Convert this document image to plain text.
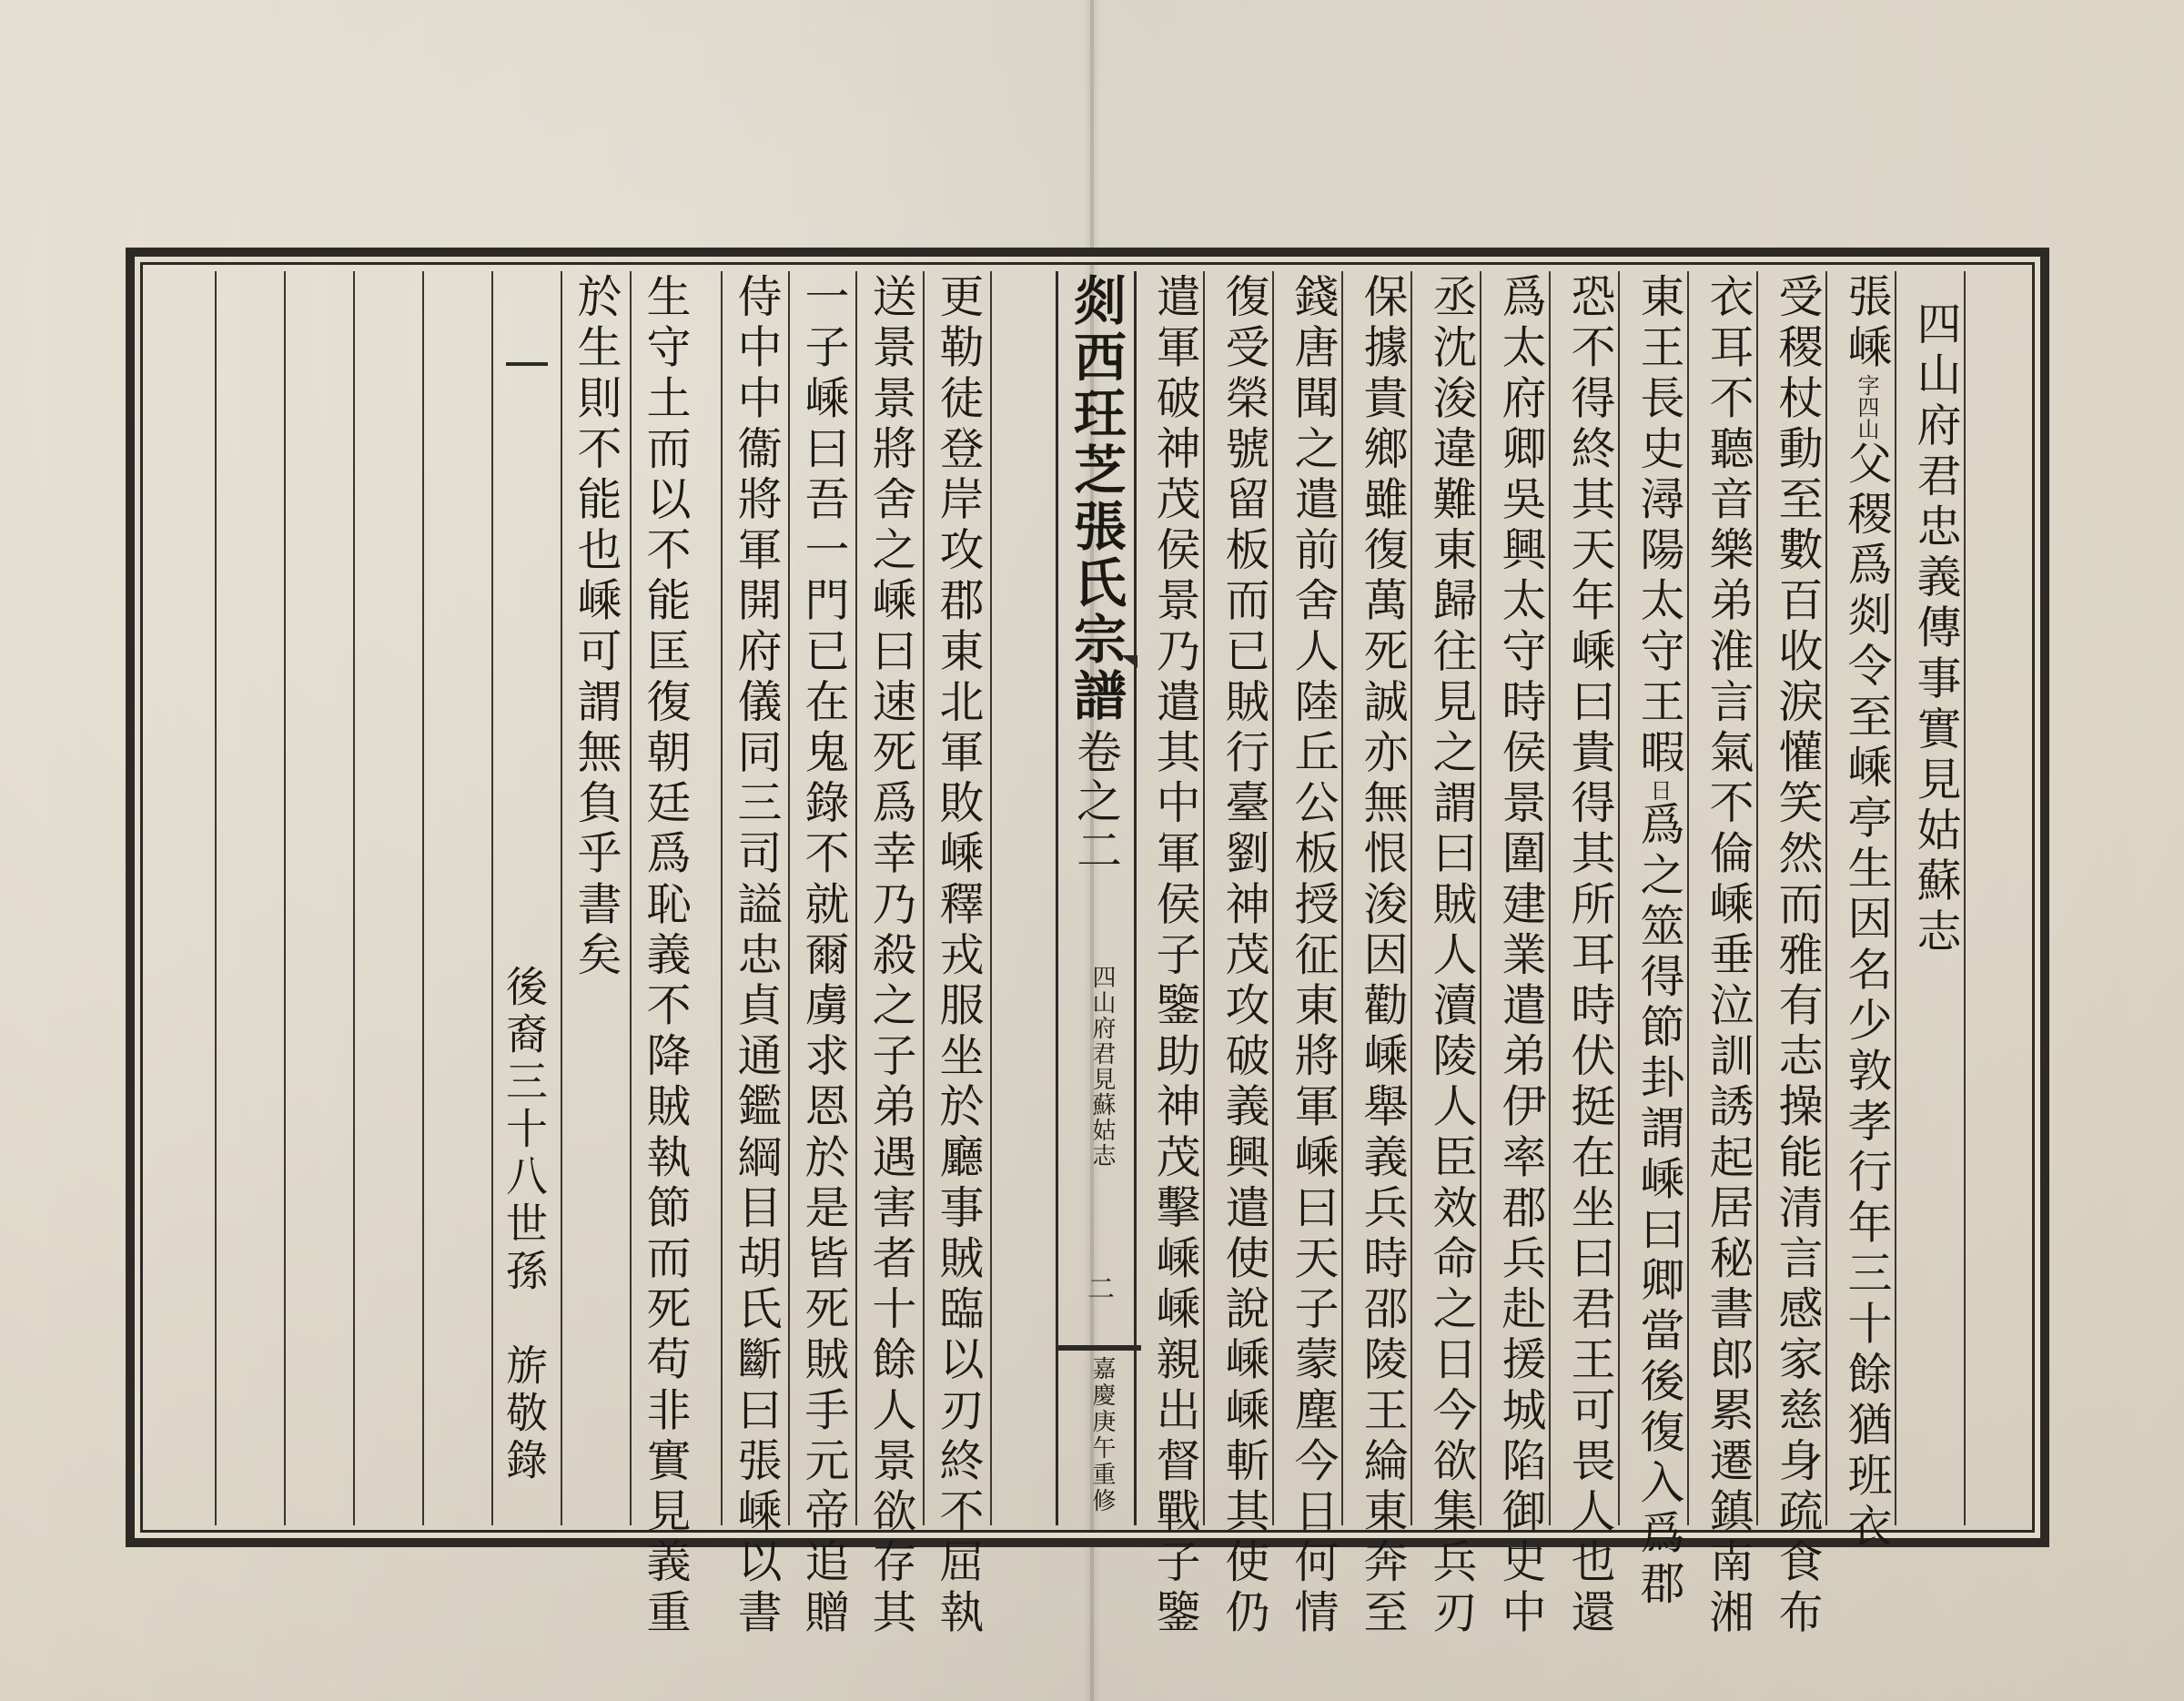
四山府君忠義傳事實見姑蘇志
張嵊字四山父稷爲剡令至嵊亭生因名少敦孝行年三十餘猶班衣
受稷杖動至數百收淚懽笑然而雅有志操能清言感家慈身疏食布
衣耳不聽音樂弟淮言氣不倫嵊垂泣訓誘起居秘書郎累遷鎮南湘
東王長史潯陽太守王暇日爲之筮得節卦謂嵊曰卿當後復入爲郡
恐不得終其天年嵊曰貴得其所耳時伏挺在坐曰君王可畏人也還
爲太府卿吳興太守時侯景圍建業遣弟伊率郡兵赴援城陷御史中
丞沈浚違難東歸往見之謂曰賊人瀆陵人臣效命之日今欲集兵刃
保據貴鄉雖復萬死誠亦無恨浚因勸嵊舉義兵時邵陵王綸東奔至
錢唐聞之遣前舍人陸丘公板授征東將軍嵊曰天子蒙塵今日何情
復受榮號留板而已賊行臺劉神茂攻破義興遣使說嵊嵊斬其使仍
遣軍破神茂侯景乃遣其中軍侯子鑒助神茂擊嵊嵊親出督戰子鑒
剡西玨芝張氏宗譜
卷之二
四山府君見蘇姑志
二
嘉慶庚午重修
更勒徒登岸攻郡東北軍敗嵊釋戎服坐於廳事賊臨以刃終不屈執
送景景將舍之嵊曰速死爲幸乃殺之子弟遇害者十餘人景欲存其
一子嵊曰吾一門已在鬼錄不就爾虜求恩於是皆死賊手元帝追贈
侍中中衞將軍開府儀同三司謚忠貞通鑑綱目胡氏斷曰張嵊以書
生守土而以不能匡復朝廷爲恥義不降賊執節而死苟非實見義重
於生則不能也嵊可謂無負乎書矣
後裔三十八世孫　旂敬錄
